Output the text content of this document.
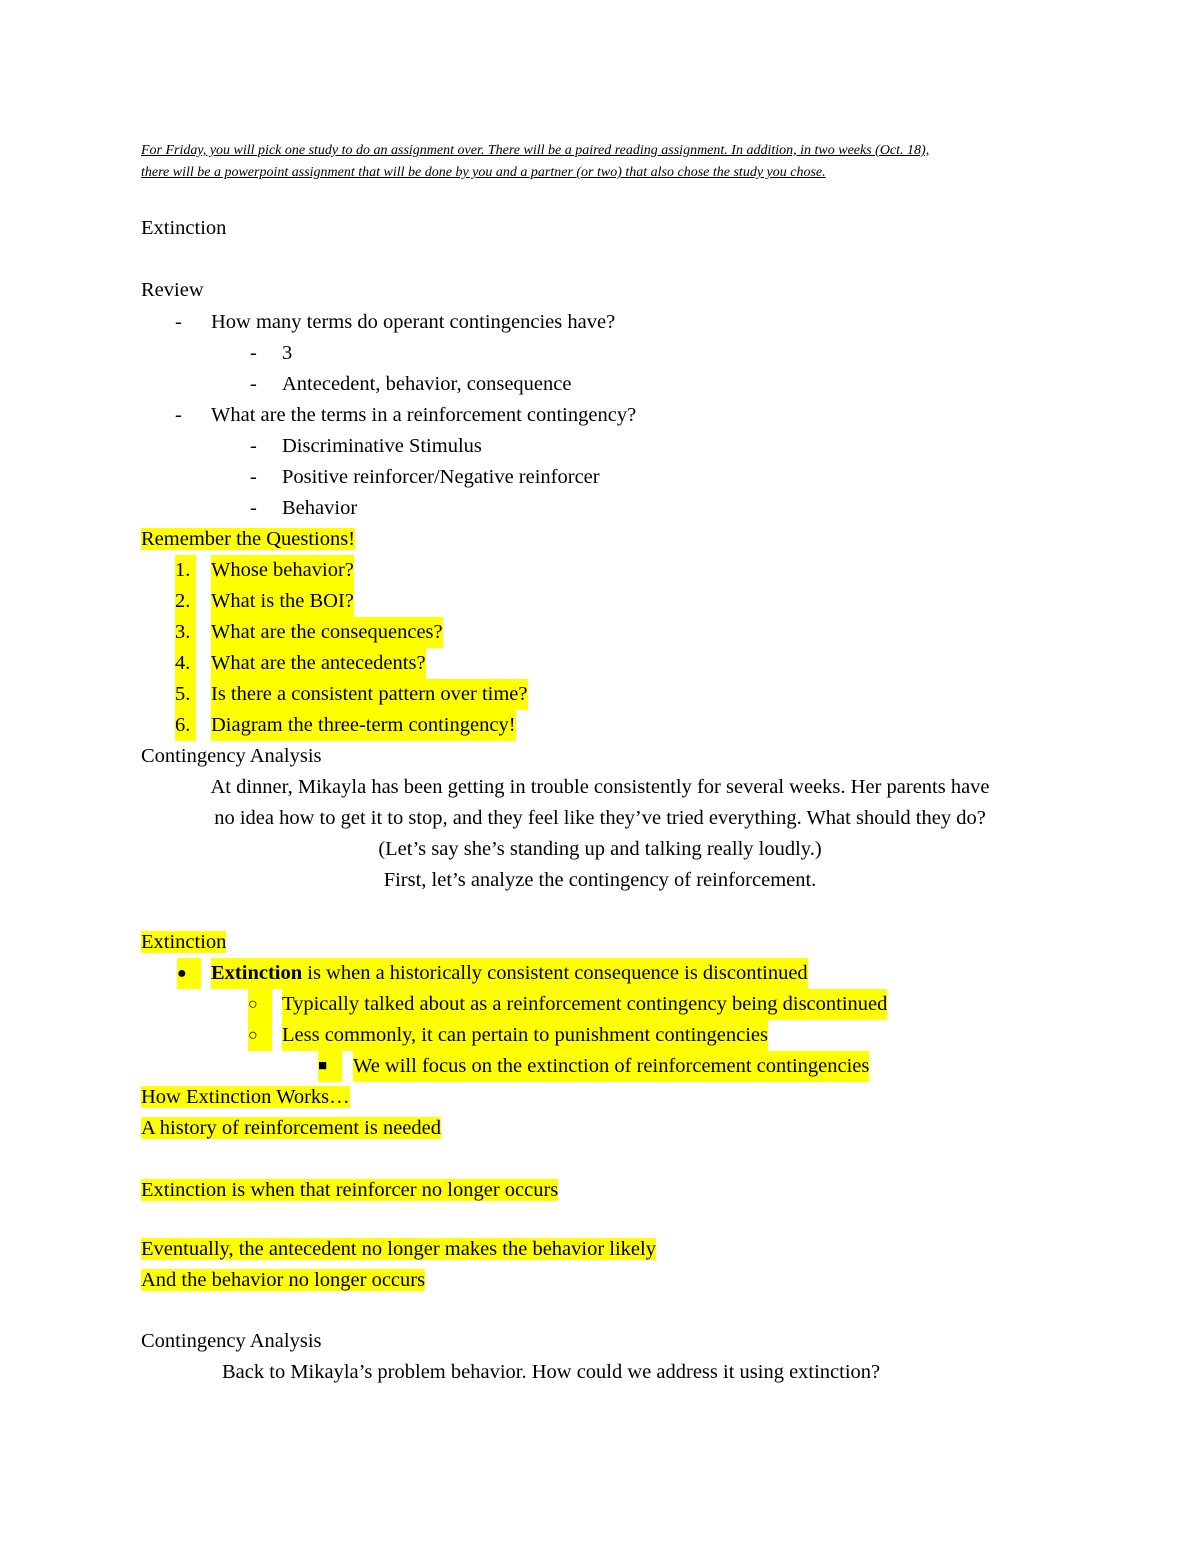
For Friday, you will pick one study to do an assignment over. There will be a paired reading assignment. In addition, in two weeks (Oct. 18),
there will be a powerpoint assignment that will be done by you and a partner (or two) that also chose the study you chose.
Extinction
Review
-	How many terms do operant contingencies have?
-	3
-	Antecedent, behavior, consequence
-	What are the terms in a reinforcement contingency?
-	Discriminative Stimulus
-	Positive reinforcer/Negative reinforcer
-	Behavior
Remember the Questions!
1. Whose behavior?
2. What is the BOI?
3. What are the consequences?
4. What are the antecedents?
5. Is there a consistent pattern over time?
6. Diagram the three-term contingency!
Contingency Analysis
At dinner, Mikayla has been getting in trouble consistently for several weeks. Her parents have
no idea how to get it to stop, and they feel like they’ve tried everything. What should they do?
(Let’s say she’s standing up and talking really loudly.)
First, let’s analyze the contingency of reinforcement.
Extinction
●	Extinction is when a historically consistent consequence is discontinued
○	Typically talked about as a reinforcement contingency being discontinued
○	Less commonly, it can pertain to punishment contingencies
■	We will focus on the extinction of reinforcement contingencies
How Extinction Works…
A history of reinforcement is needed
Extinction is when that reinforcer no longer occurs
Eventually, the antecedent no longer makes the behavior likely
And the behavior no longer occurs
Contingency Analysis
Back to Mikayla’s problem behavior. How could we address it using extinction?
